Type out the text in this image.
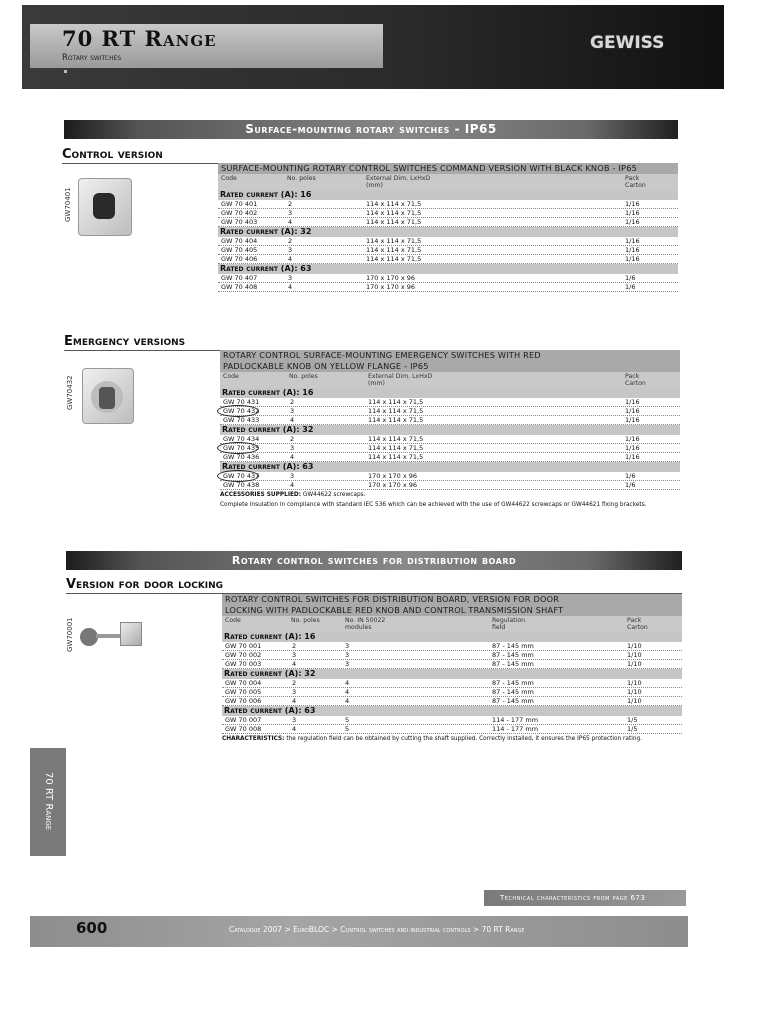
70 RT Range
Rotary switches
GEWISS
Surface-mounting rotary switches - IP65
Control version
GW70401
SURFACE-MOUNTING ROTARY CONTROL SWITCHES COMMAND VERSION WITH BLACK KNOB - IP65
Code	No. poles	External Dim. LxHxD (mm)
Pack Carton
Rated current (A): 16
GW 70 401	2	114 x 114 x 71,5	1/16
GW 70 402	3	114 x 114 x 71,5	1/16
GW 70 403	4	114 x 114 x 71,5	1/16
Rated current (A): 32
GW 70 404	2	114 x 114 x 71,5	1/16
GW 70 405	3	114 x 114 x 71,5	1/16
GW 70 406	4	114 x 114 x 71,5	1/16
Rated current (A): 63
GW 70 407	3	170 x 170 x 96	1/6
GW 70 408	4	170 x 170 x 96	1/6
Emergency versions
GW70432
ROTARY CONTROL SURFACE-MOUNTING EMERGENCY SWITCHES WITH RED
PADLOCKABLE KNOB ON YELLOW FLANGE - IP65
Code	No. poles	External Dim. LxHxD (mm)
Pack Carton
Rated current (A): 16
GW 70 431	2	114 x 114 x 71,5	1/16
GW 70 432	3	114 x 114 x 71,5	1/16
GW 70 433	4	114 x 114 x 71,5	1/16
Rated current (A): 32
GW 70 434	2	114 x 114 x 71,5	1/16
GW 70 435	3	114 x 114 x 71,5	1/16
GW 70 436	4	114 x 114 x 71,5	1/16
Rated current (A): 63
GW 70 437	3	170 x 170 x 96	1/6
GW 70 438	4	170 x 170 x 96	1/6
ACCESSORIES SUPPLIED: GW44622 screwcaps.
Complete insulation in compliance with standard IEC 536 which can be achieved with the use of GW44622 screwcaps or GW44621 fixing brackets.
Rotary control switches for distribution board
Version for door locking
GW70001
ROTARY CONTROL SWITCHES FOR DISTRIBUTION BOARD, VERSION FOR DOOR
LOCKING WITH PADLOCKABLE RED KNOB AND CONTROL TRANSMISSION SHAFT
Code	No. poles	No. IN 50022 modules
Regulation field
Pack Carton
Rated current (A): 16
GW 70 001	2	3	87 - 145 mm	1/10
GW 70 002	3	3	87 - 145 mm	1/10
GW 70 003	4	3	87 - 145 mm	1/10
Rated current (A): 32
GW 70 004	2	4	87 - 145 mm	1/10
GW 70 005	3	4	87 - 145 mm	1/10
GW 70 006	4	4	87 - 145 mm	1/10
Rated current (A): 63
GW 70 007	3	5	114 - 177 mm	1/5
GW 70 008	4	5	114 - 177 mm	1/5
CHARACTERISTICS: the regulation field can be obtained by cutting the shaft supplied. Correctly installed, it ensures the IP65 protection rating.
70 RT Range
Technical characteristics from page 673
600	Catalogue 2007 > EuroBLOC > Control switches and industrial controls > 70 RT Range
